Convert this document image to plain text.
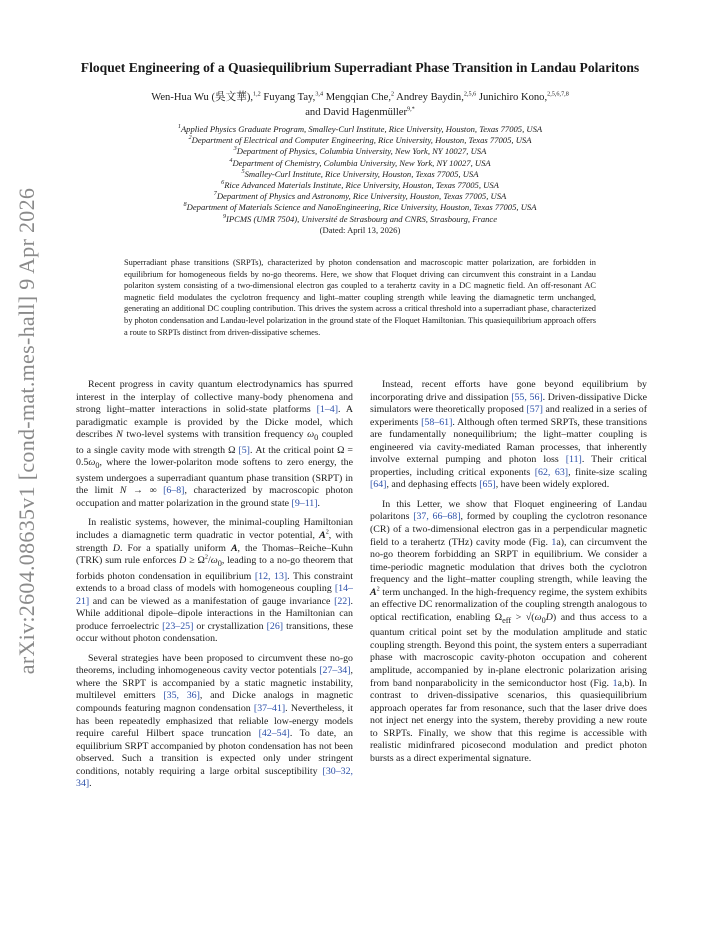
arXiv:2604.08635v1 [cond-mat.mes-hall] 9 Apr 2026
Floquet Engineering of a Quasiequilibrium Superradiant Phase Transition in Landau Polaritons
Wen-Hua Wu (吳文華),$^{1,2}$ Fuyang Tay,$^{3,4}$ Mengqian Che,$^2$ Andrey Baydin,$^{2,5,6}$ Junichiro Kono,$^{2,5,6,7,8}$ and David Hagenmüller$^{9,*}$
$^1$Applied Physics Graduate Program, Smalley-Curl Institute, Rice University, Houston, Texas 77005, USA
$^2$Department of Electrical and Computer Engineering, Rice University, Houston, Texas 77005, USA
$^3$Department of Physics, Columbia University, New York, NY 10027, USA
$^4$Department of Chemistry, Columbia University, New York, NY 10027, USA
$^5$Smalley-Curl Institute, Rice University, Houston, Texas 77005, USA
$^6$Rice Advanced Materials Institute, Rice University, Houston, Texas 77005, USA
$^7$Department of Physics and Astronomy, Rice University, Houston, Texas 77005, USA
$^8$Department of Materials Science and NanoEngineering, Rice University, Houston, Texas 77005, USA
$^9$IPCMS (UMR 7504), Université de Strasbourg and CNRS, Strasbourg, France
(Dated: April 13, 2026)
Superradiant phase transitions (SRPTs), characterized by photon condensation and macroscopic matter polarization, are forbidden in equilibrium for homogeneous fields by no-go theorems. Here, we show that Floquet driving can circumvent this constraint in a Landau polariton system consisting of a two-dimensional electron gas coupled to a terahertz cavity in a DC magnetic field. An off-resonant AC magnetic field modulates the cyclotron frequency and light–matter coupling strength while leaving the diamagnetic term unchanged, generating an additional DC coupling contribution. This drives the system across a critical threshold into a superradiant phase, characterized by photon condensation and Landau-level polarization in the ground state of the Floquet Hamiltonian. This quasiequilibrium approach offers a route to SRPTs distinct from driven-dissipative schemes.

Recent progress in cavity quantum electrodynamics has spurred interest in the interplay of collective many-body phenomena and strong light–matter interactions in solid-state platforms [1–4]. A paradigmatic example is provided by the Dicke model, which describes N two-level systems with transition frequency $\omega_0$ coupled to a single cavity mode with strength Ω [5]. At the critical point $\Omega = 0.5\omega_0$, where the lower-polariton mode softens to zero energy, the system undergoes a superradiant quantum phase transition (SRPT) in the limit N → ∞ [6–8], characterized by macroscopic photon occupation and matter polarization in the ground state [9–11].

In realistic systems, however, the minimal-coupling Hamiltonian includes a diamagnetic term quadratic in vector potential, $A^2$, with strength D. For a spatially uniform A, the Thomas–Reiche–Kuhn (TRK) sum rule enforces $D \ge \Omega^2/\omega_0$, leading to a no-go theorem that forbids photon condensation in equilibrium [12, 13]. This constraint extends to a broad class of models with homogeneous coupling [14–21] and can be viewed as a manifestation of gauge invariance [22]. While additional dipole–dipole interactions in the Hamiltonian can produce ferroelectric [23–25] or crystallization [26] transitions, these occur without photon condensation.

Several strategies have been proposed to circumvent these no-go theorems, including inhomogeneous cavity vector potentials [27–34], where the SRPT is accompanied by a static magnetic instability, multilevel emitters [35, 36], and Dicke analogs in magnetic compounds featuring magnon condensation [37–41]. Nevertheless, it has been repeatedly emphasized that reliable low-energy models require careful Hilbert space truncation [42–54]. To date, an equilibrium SRPT accompanied by photon condensation has not been observed. Such a transition is expected only under stringent conditions, notably requiring a large orbital susceptibility [30–32, 34].

Instead, recent efforts have gone beyond equilibrium by incorporating drive and dissipation [55, 56]. Driven-dissipative Dicke simulators were theoretically proposed [57] and realized in a series of experiments [58–61]. Although often termed SRPTs, these transitions are fundamentally nonequilibrium; the light–matter coupling is engineered via cavity-mediated Raman processes, that inherently involve external pumping and photon loss [11]. Their critical properties, including critical exponents [62, 63], finite-size scaling [64], and dephasing effects [65], have been widely explored.

In this Letter, we show that Floquet engineering of Landau polaritons [37, 66–68], formed by coupling the cyclotron resonance (CR) of a two-dimensional electron gas in a perpendicular magnetic field to a terahertz (THz) cavity mode (Fig. 1a), can circumvent the no-go theorem forbidding an SRPT in equilibrium. We consider a time-periodic magnetic modulation that drives both the cyclotron frequency and the light–matter coupling strength, while leaving the $A^2$ term unchanged. In the high-frequency regime, the system exhibits an effective DC renormalization of the coupling strength analogous to optical rectification, enabling $\Omega_{eff} > √(\omega_0D)$ and thus access to a quantum critical point set by the modulation amplitude and static coupling strength. Beyond this point, the system enters a superradiant phase with macroscopic cavity-photon occupation and coherent amplitude, accompanied by in-plane electronic polarization arising from band nonparabolicity in the semiconductor host (Fig. 1a,b). In contrast to driven-dissipative scenarios, this quasiequilibrium approach operates far from resonance, such that the laser drive does not inject net energy into the system, thereby providing a new route to SRPTs. Finally, we show that this regime is accessible with realistic midinfrared picosecond modulation and predict photon bursts as a direct experimental signature.
